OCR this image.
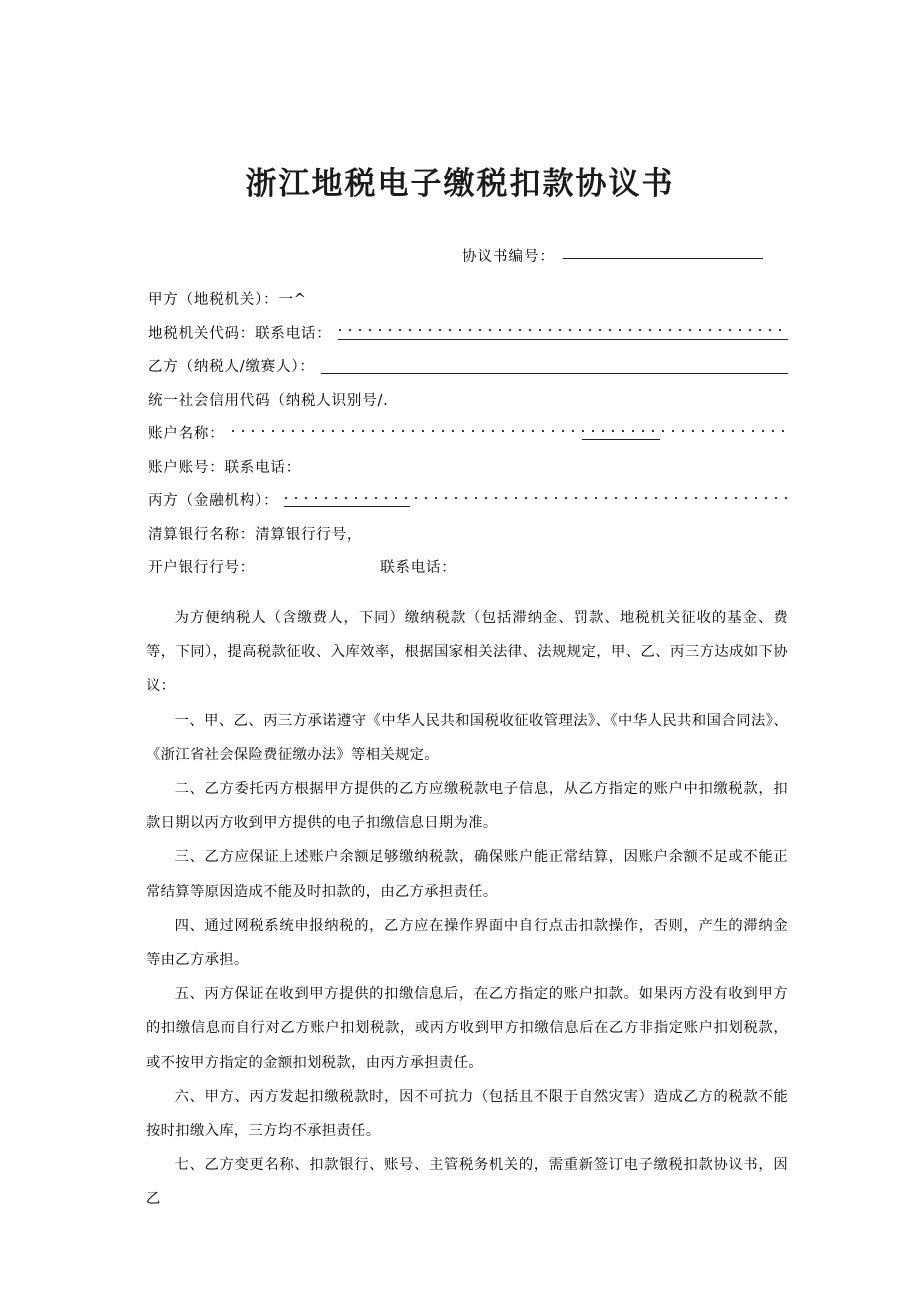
浙江地税电子缴税扣款协议书
协议书编号：
甲方（地税机关）： 一^
地税机关代码：联系电话：
乙方（纳税人/缴赛人）：
统一社会信用代码（纳税人识别号/.
账户名称：
账户账号：联系电话：
丙方（金融机构）：
清算银行名称：清算银行行号，
开户银行行号：	联系电话：

为方便纳税人（含缴费人，下同）缴纳税款（包括滞纳金、罚款、地税机关征收的基金、费等，下同），提高税款征收、入库效率，根据国家相关法律、法规规定，甲、乙、丙三方达成如下协议：

一、甲、乙、丙三方承诺遵守《中华人民共和国税收征收管理法》、《中华人民共和国合同法》、《浙江省社会保险费征缴办法》等相关规定。

二、乙方委托丙方根据甲方提供的乙方应缴税款电子信息，从乙方指定的账户中扣缴税款，扣款日期以丙方收到甲方提供的电子扣缴信息日期为准。

三、乙方应保证上述账户余额足够缴纳税款，确保账户能正常结算，因账户余额不足或不能正常结算等原因造成不能及时扣款的，由乙方承担责任。

四、通过网税系统申报纳税的，乙方应在操作界面中自行点击扣款操作，否则，产生的滞纳金等由乙方承担。

五、丙方保证在收到甲方提供的扣缴信息后，在乙方指定的账户扣款。如果丙方没有收到甲方的扣缴信息而自行对乙方账户扣划税款，或丙方收到甲方扣缴信息后在乙方非指定账户扣划税款，或不按甲方指定的金额扣划税款，由丙方承担责任。

六、甲方、丙方发起扣缴税款时，因不可抗力（包括且不限于自然灾害）造成乙方的税款不能按时扣缴入库，三方均不承担责任。

七、乙方变更名称、扣款银行、账号、主管税务机关的，需重新签订电子缴税扣款协议书，因乙
